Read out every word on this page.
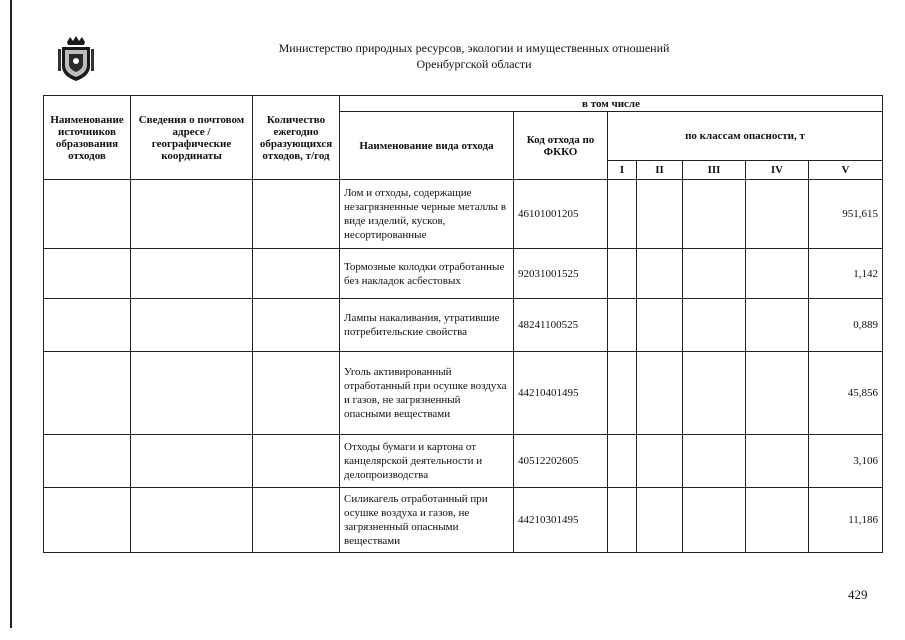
Министерство природных ресурсов, экологии и имущественных отношений
Оренбургской области
Наименование источников образования отходов	Сведения о почтовом адресе / географические координаты	Количество ежегодно образующихся отходов, т/год	в том числе						
			Наименование вида отхода	Код отхода по ФККО	по классам опасности, т				
					I	II	III	IV	V
			Лом и отходы, содержащие незагрязненные черные металлы в виде изделий, кусков, несортированные	46101001205					951,615
			Тормозные колодки отработанные без накладок асбестовых	92031001525					1,142
			Лампы накаливания, утратившие потребительские свойства	48241100525					0,889
			Уголь активированный отработанный при осушке воздуха и газов, не загрязненный опасными веществами	44210401495					45,856
			Отходы бумаги и картона от канцелярской деятельности и делопроизводства	40512202605					3,106
			Силикагель отработанный при осушке воздуха и газов, не загрязненный опасными веществами	44210301495					11,186
429
